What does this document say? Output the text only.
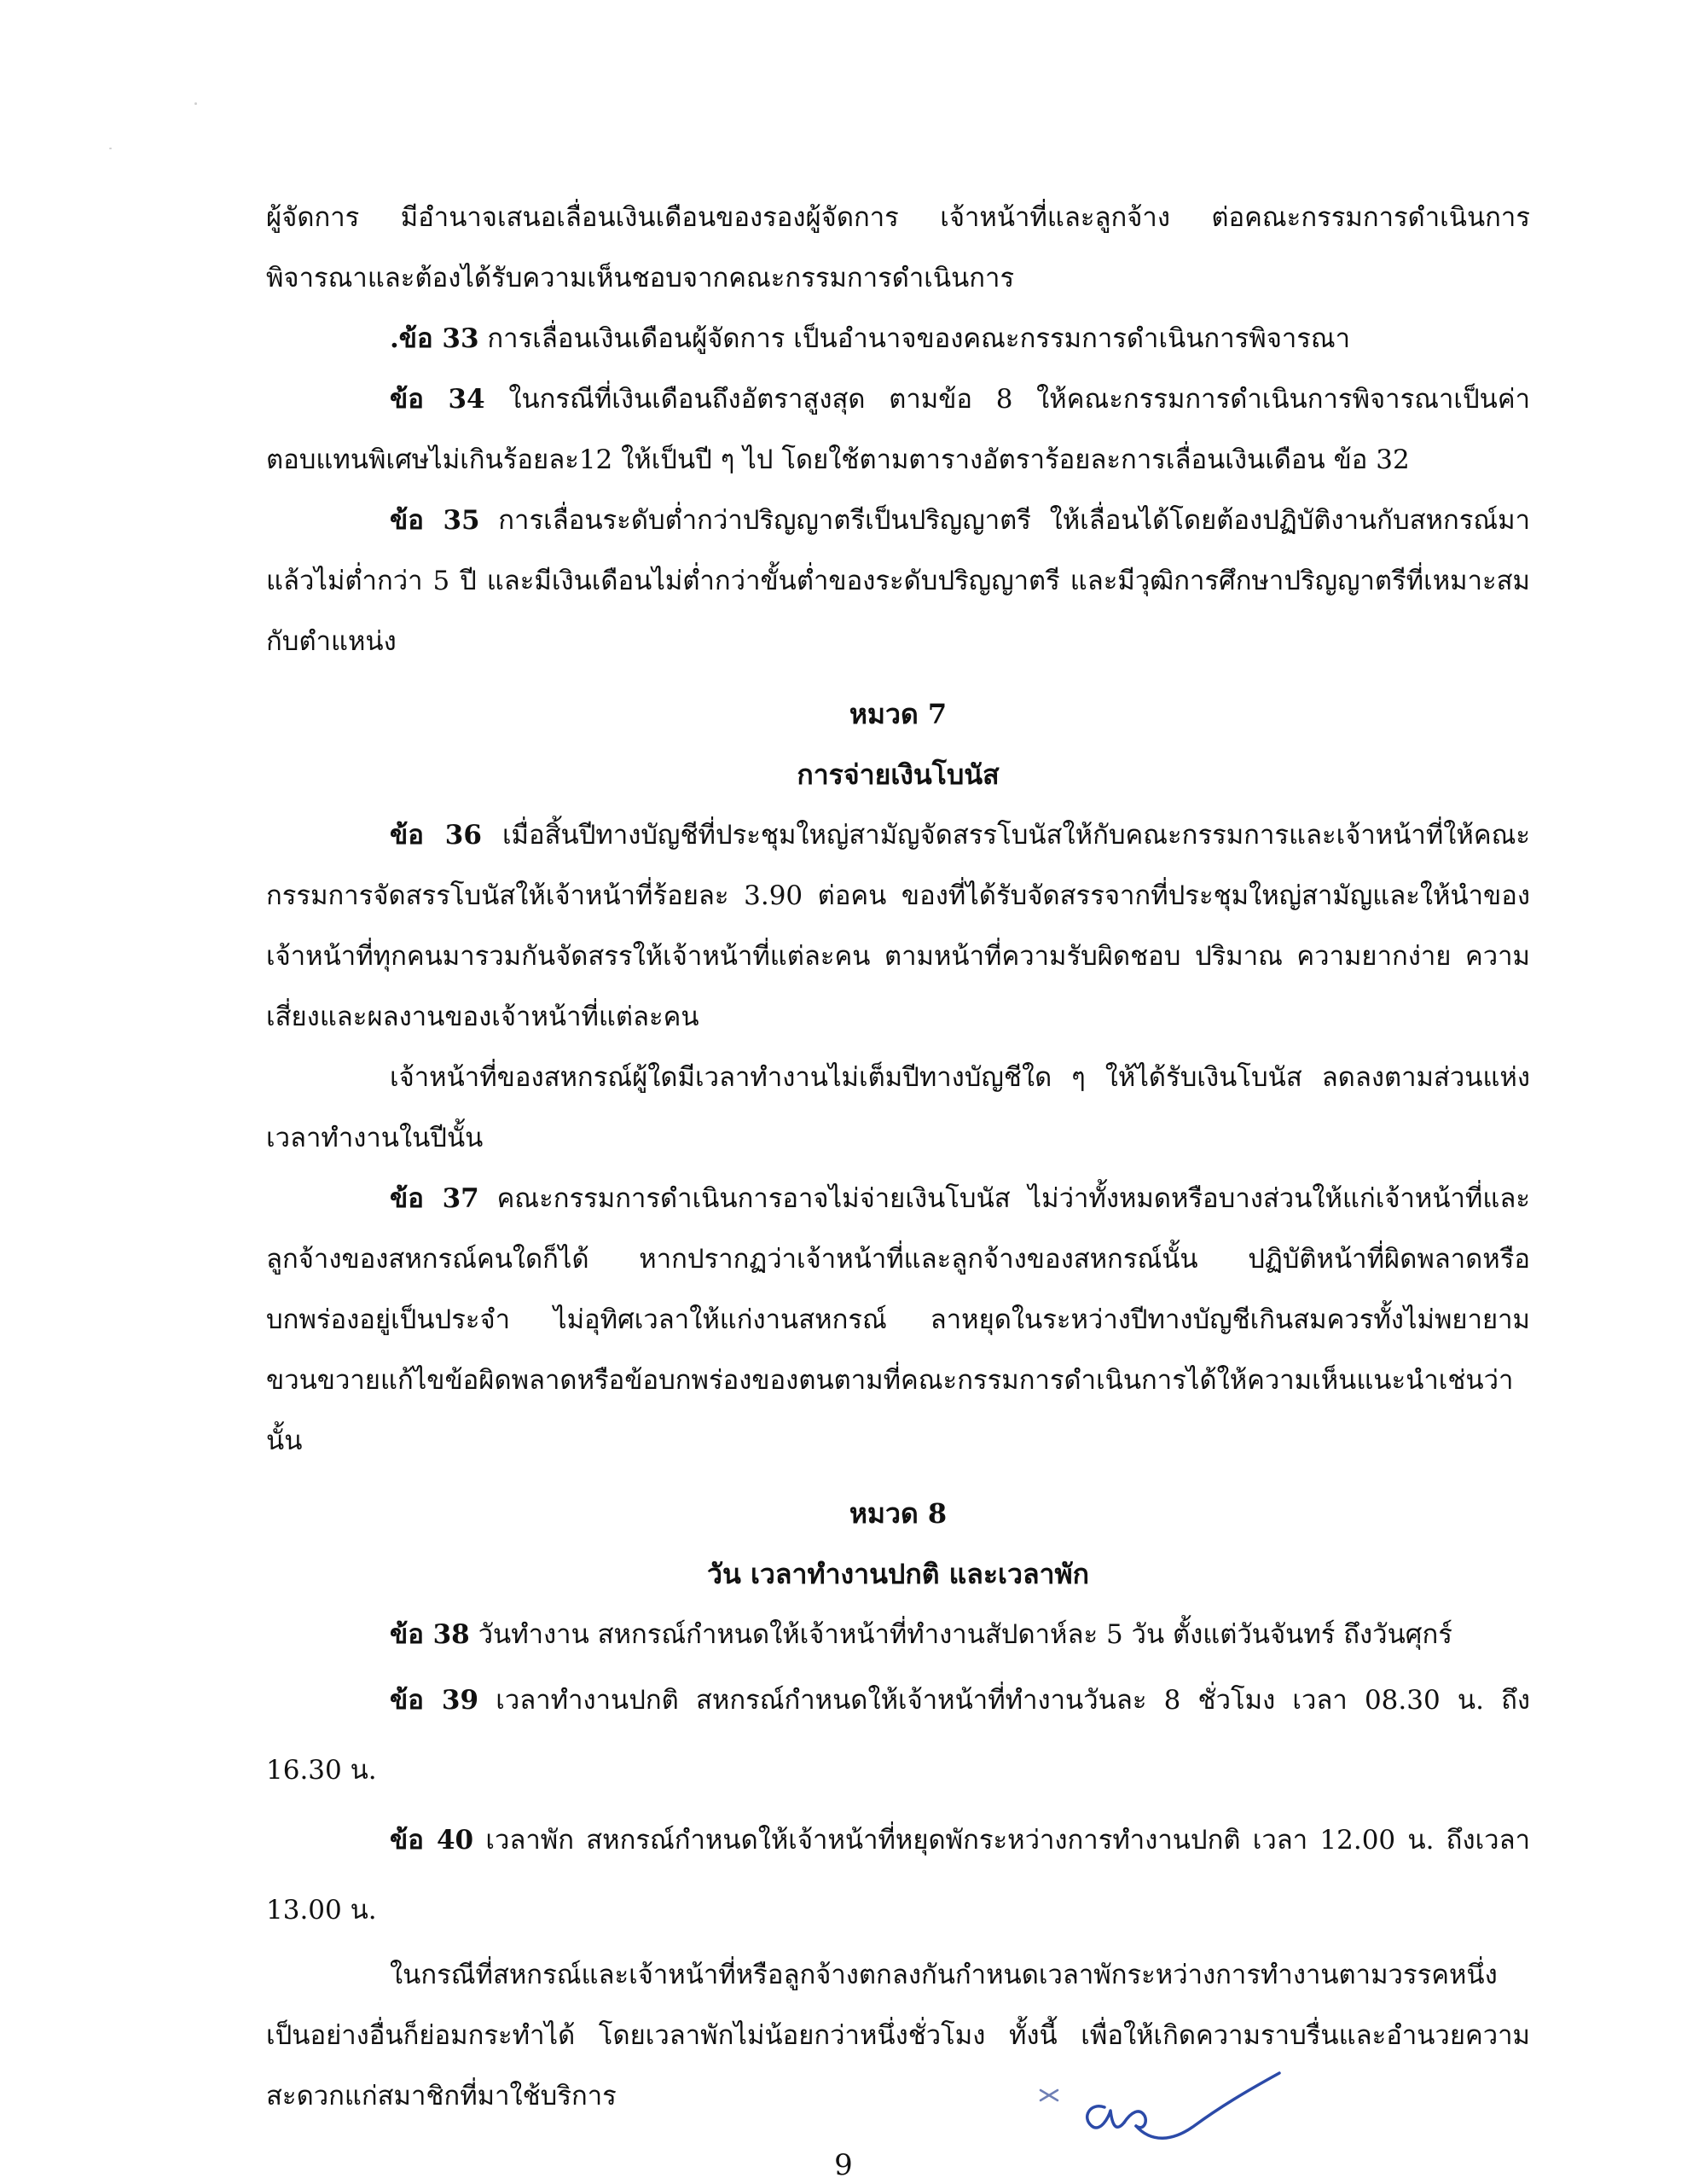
ผู้จัดการ มีอำนาจเสนอเลื่อนเงินเดือนของรองผู้จัดการ เจ้าหน้าที่และลูกจ้าง ต่อคณะกรรมการดำเนินการพิจารณาและต้องได้รับความเห็นชอบจากคณะกรรมการดำเนินการ

.ข้อ 33 การเลื่อนเงินเดือนผู้จัดการ เป็นอำนาจของคณะกรรมการดำเนินการพิจารณา

ข้อ 34 ในกรณีที่เงินเดือนถึงอัตราสูงสุด ตามข้อ 8 ให้คณะกรรมการดำเนินการพิจารณาเป็นค่าตอบแทนพิเศษไม่เกินร้อยละ12 ให้เป็นปี ๆ ไป โดยใช้ตามตารางอัตราร้อยละการเลื่อนเงินเดือน ข้อ 32

ข้อ 35 การเลื่อนระดับต่ำกว่าปริญญาตรีเป็นปริญญาตรี ให้เลื่อนได้โดยต้องปฏิบัติงานกับสหกรณ์มาแล้วไม่ต่ำกว่า 5 ปี และมีเงินเดือนไม่ต่ำกว่าขั้นต่ำของระดับปริญญาตรี และมีวุฒิการศึกษาปริญญาตรีที่เหมาะสมกับตำแหน่ง

หมวด 7

การจ่ายเงินโบนัส

ข้อ 36 เมื่อสิ้นปีทางบัญชีที่ประชุมใหญ่สามัญจัดสรรโบนัสให้กับคณะกรรมการและเจ้าหน้าที่ให้คณะกรรมการจัดสรรโบนัสให้เจ้าหน้าที่ร้อยละ 3.90 ต่อคน ของที่ได้รับจัดสรรจากที่ประชุมใหญ่สามัญและให้นำของเจ้าหน้าที่ทุกคนมารวมกันจัดสรรให้เจ้าหน้าที่แต่ละคน ตามหน้าที่ความรับผิดชอบ ปริมาณ ความยากง่าย ความเสี่ยงและผลงานของเจ้าหน้าที่แต่ละคน

เจ้าหน้าที่ของสหกรณ์ผู้ใดมีเวลาทำงานไม่เต็มปีทางบัญชีใด ๆ ให้ได้รับเงินโบนัส ลดลงตามส่วนแห่งเวลาทำงานในปีนั้น

ข้อ 37 คณะกรรมการดำเนินการอาจไม่จ่ายเงินโบนัส ไม่ว่าทั้งหมดหรือบางส่วนให้แก่เจ้าหน้าที่และลูกจ้างของสหกรณ์คนใดก็ได้ หากปรากฏว่าเจ้าหน้าที่และลูกจ้างของสหกรณ์นั้น ปฏิบัติหน้าที่ผิดพลาดหรือบกพร่องอยู่เป็นประจำ ไม่อุทิศเวลาให้แก่งานสหกรณ์ ลาหยุดในระหว่างปีทางบัญชีเกินสมควรทั้งไม่พยายามขวนขวายแก้ไขข้อผิดพลาดหรือข้อบกพร่องของตนตามที่คณะกรรมการดำเนินการได้ให้ความเห็นแนะนำเช่นว่านั้น

หมวด 8

วัน เวลาทำงานปกติ และเวลาพัก

ข้อ 38 วันทำงาน สหกรณ์กำหนดให้เจ้าหน้าที่ทำงานสัปดาห์ละ 5 วัน ตั้งแต่วันจันทร์ ถึงวันศุกร์

ข้อ 39 เวลาทำงานปกติ สหกรณ์กำหนดให้เจ้าหน้าที่ทำงานวันละ 8 ชั่วโมง เวลา 08.30 น. ถึง 16.30 น.

ข้อ 40 เวลาพัก สหกรณ์กำหนดให้เจ้าหน้าที่หยุดพักระหว่างการทำงานปกติ เวลา 12.00 น. ถึงเวลา 13.00 น.

ในกรณีที่สหกรณ์และเจ้าหน้าที่หรือลูกจ้างตกลงกันกำหนดเวลาพักระหว่างการทำงานตามวรรคหนึ่งเป็นอย่างอื่นก็ย่อมกระทำได้ โดยเวลาพักไม่น้อยกว่าหนึ่งชั่วโมง ทั้งนี้ เพื่อให้เกิดความราบรื่นและอำนวยความสะดวกแก่สมาชิกที่มาใช้บริการ

9
